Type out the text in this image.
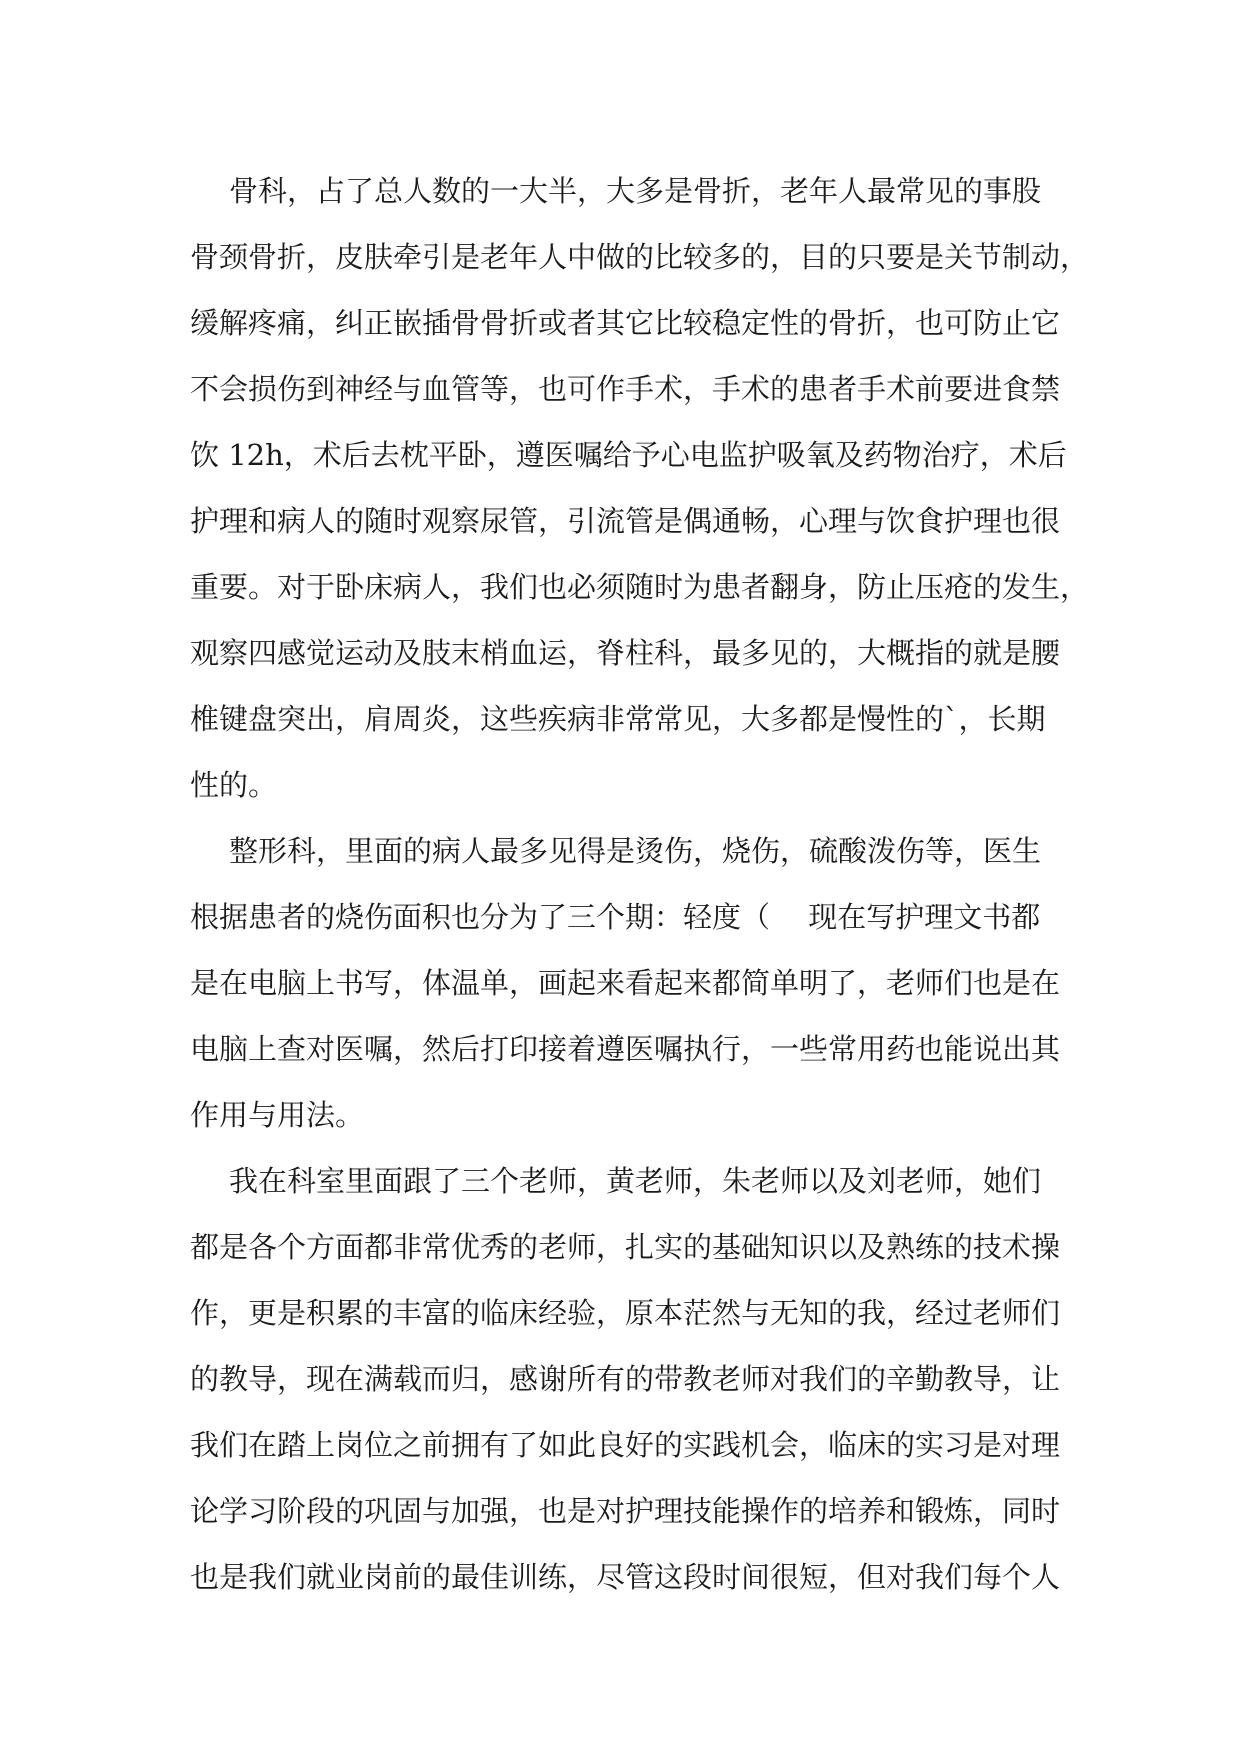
骨科，占了总人数的一大半，大多是骨折，老年人最常见的事股
骨颈骨折，皮肤牵引是老年人中做的比较多的，目的只要是关节制动，
缓解疼痛，纠正嵌插骨骨折或者其它比较稳定性的骨折，也可防止它
不会损伤到神经与血管等，也可作手术，手术的患者手术前要进食禁
饮 12h，术后去枕平卧，遵医嘱给予心电监护吸氧及药物治疗，术后
护理和病人的随时观察尿管，引流管是偶通畅，心理与饮食护理也很
重要。对于卧床病人，我们也必须随时为患者翻身，防止压疮的发生，
观察四感觉运动及肢末梢血运，脊柱科，最多见的，大概指的就是腰
椎键盘突出，肩周炎，这些疾病非常常见，大多都是慢性的`，长期
性的。
整形科，里面的病人最多见得是烫伤，烧伤，硫酸泼伤等，医生
根据患者的烧伤面积也分为了三个期：轻度（　 现在写护理文书都
是在电脑上书写，体温单，画起来看起来都简单明了，老师们也是在
电脑上查对医嘱，然后打印接着遵医嘱执行，一些常用药也能说出其
作用与用法。
我在科室里面跟了三个老师，黄老师，朱老师以及刘老师，她们
都是各个方面都非常优秀的老师，扎实的基础知识以及熟练的技术操
作，更是积累的丰富的临床经验，原本茫然与无知的我，经过老师们
的教导，现在满载而归，感谢所有的带教老师对我们的辛勤教导，让
我们在踏上岗位之前拥有了如此良好的实践机会，临床的实习是对理
论学习阶段的巩固与加强，也是对护理技能操作的培养和锻炼，同时
也是我们就业岗前的最佳训练，尽管这段时间很短，但对我们每个人
